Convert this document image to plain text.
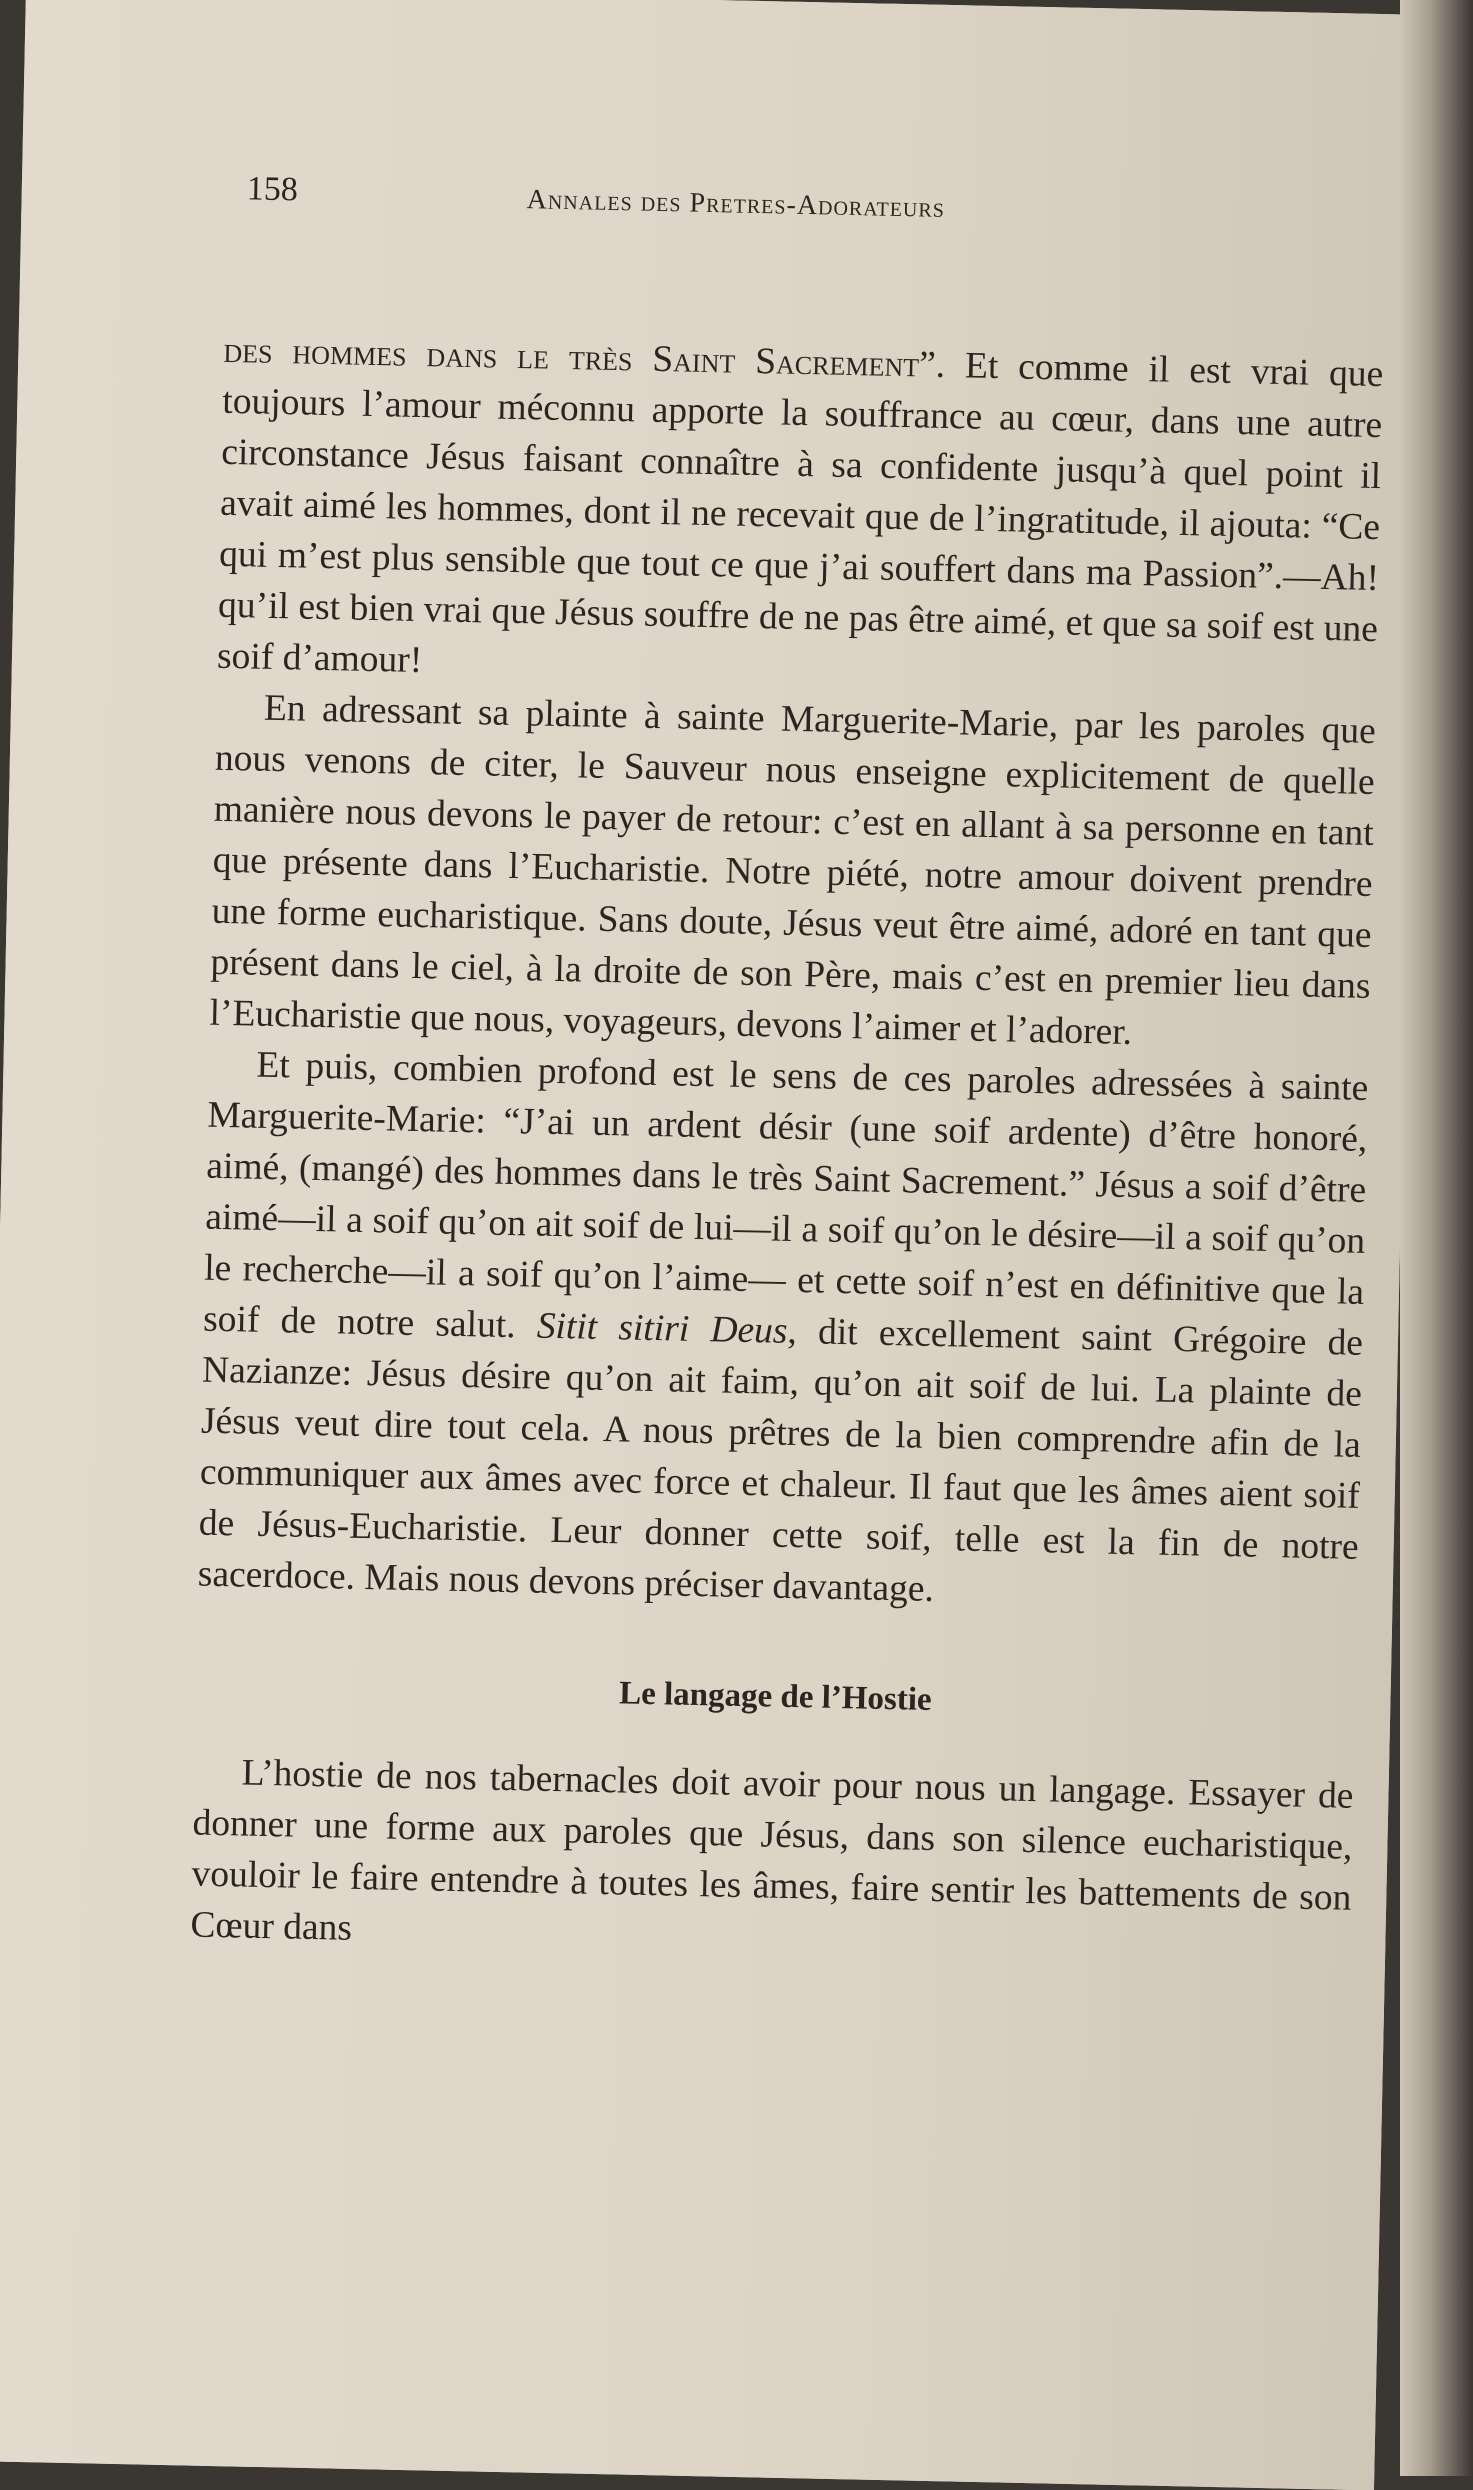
158	Annales des Pretres-Adorateurs

des hommes dans le très Saint Sacrement”. Et comme il est vrai que toujours l’amour méconnu apporte la souffrance au cœur, dans une autre circonstance Jésus faisant connaître à sa confidente jusqu’à quel point il avait aimé les hommes, dont il ne recevait que de l’ingratitude, il ajouta: “Ce qui m’est plus sensible que tout ce que j’ai souffert dans ma Passion”.—Ah! qu’il est bien vrai que Jésus souffre de ne pas être aimé, et que sa soif est une soif d’amour!

En adressant sa plainte à sainte Marguerite-Marie, par les paroles que nous venons de citer, le Sauveur nous enseigne explicitement de quelle manière nous devons le payer de retour: c’est en allant à sa personne en tant que présente dans l’Eucharistie. Notre piété, notre amour doivent prendre une forme eucharistique. Sans doute, Jésus veut être aimé, adoré en tant que présent dans le ciel, à la droite de son Père, mais c’est en premier lieu dans l’Eucharistie que nous, voyageurs, devons l’aimer et l’adorer.

Et puis, combien profond est le sens de ces paroles adressées à sainte Marguerite-Marie: “J’ai un ardent désir (une soif ardente) d’être honoré, aimé, (mangé) des hommes dans le très Saint Sacrement.” Jésus a soif d’être aimé—il a soif qu’on ait soif de lui—il a soif qu’on le désire—il a soif qu’on le recherche—il a soif qu’on l’aime— et cette soif n’est en définitive que la soif de notre salut. Sitit sitiri Deus, dit excellement saint Grégoire de Nazianze: Jésus désire qu’on ait faim, qu’on ait soif de lui. La plainte de Jésus veut dire tout cela. A nous prêtres de la bien comprendre afin de la communiquer aux âmes avec force et chaleur. Il faut que les âmes aient soif de Jésus-Eucharistie. Leur donner cette soif, telle est la fin de notre sacerdoce. Mais nous devons préciser davantage.

Le langage de l’Hostie

L’hostie de nos tabernacles doit avoir pour nous un langage. Essayer de donner une forme aux paroles que Jésus, dans son silence eucharistique, vouloir le faire entendre à toutes les âmes, faire sentir les battements de son Cœur dans
